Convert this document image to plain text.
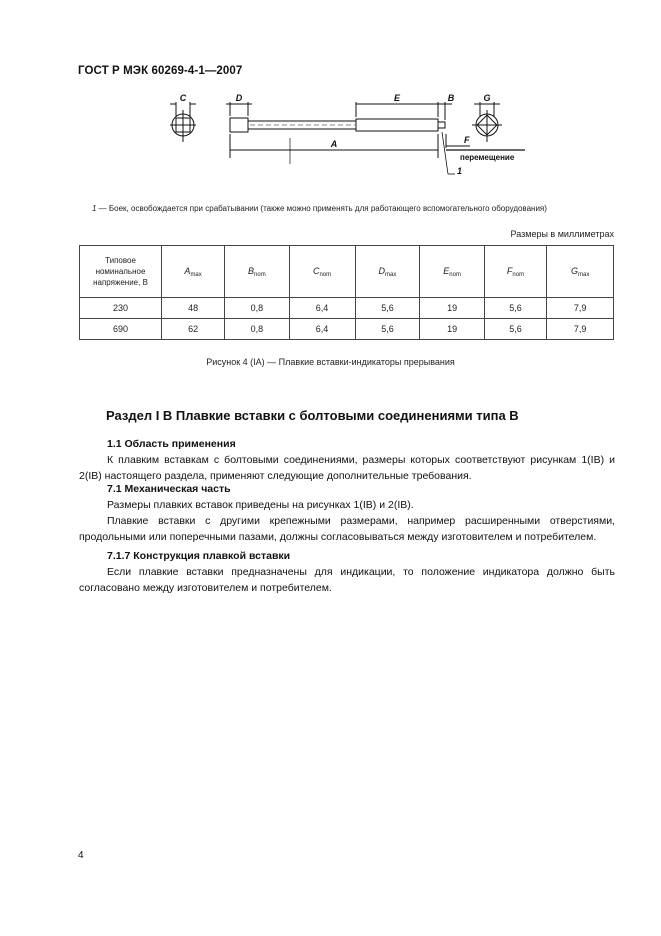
ГОСТ Р МЭК 60269-4-1—2007
C	D	E	B	G
A	F
1
перемещение
1 — Боек, освобождается при срабатывании (также можно применять для работающего вспомогательного оборудования)
Размеры в миллиметрах
Типовое
номинальное
напряжение, В	$A_{max}$	$B_{nom}$	$C_{nom}$	$D_{max}$	$E_{nom}$	$F_{nom}$	$G_{max}$
230	48	0,8	6,4	5,6	19	5,6	7,9
690	62	0,8	6,4	5,6	19	5,6	7,9
Рисунок 4 (IA) — Плавкие вставки-индикаторы прерывания
Раздел I В Плавкие вставки с болтовыми соединениями типа В
1.1 Область применения

К плавким вставкам с болтовыми соединениями, размеры которых соответствуют рисункам 1(IB) и 2(IB) настоящего раздела, применяют следующие дополнительные требования.

7.1 Механическая часть

Размеры плавких вставок приведены на рисунках 1(IB) и 2(IB).

Плавкие вставки с другими крепежными размерами, например расширенными отверстиями, продольными или поперечными пазами, должны согласовываться между изготовителем и потребителем.

7.1.7 Конструкция плавкой вставки

Если плавкие вставки предназначены для индикации, то положение индикатора должно быть согласовано между изготовителем и потребителем.

4
